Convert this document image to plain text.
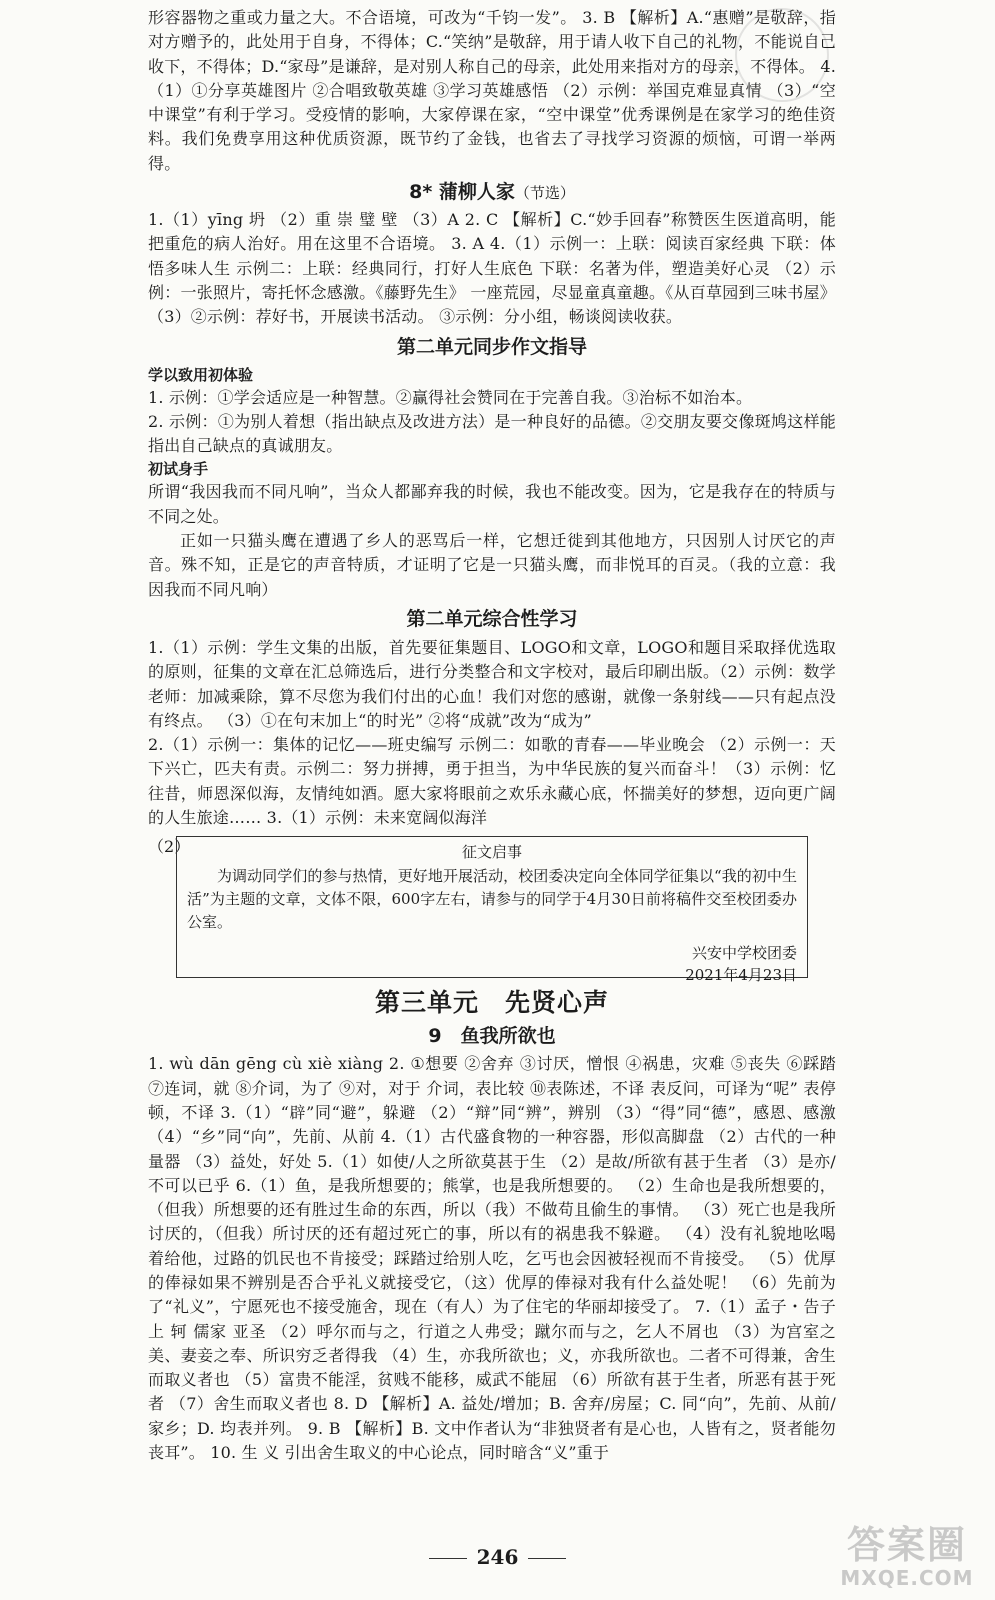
形容器物之重或力量之大。不合语境，可改为“千钧一发”。 3. B 【解析】A.“惠赠”是敬辞，指对方赠予的，此处用于自身，不得体；C.“笑纳”是敬辞，用于请人收下自己的礼物，不能说自己收下，不得体；D.“家母”是谦辞，是对别人称自己的母亲，此处用来指对方的母亲，不得体。 4.（1）①分享英雄图片 ②合唱致敬英雄 ③学习英雄感悟 （2）示例：举国克难显真情 （3）“空中课堂”有利于学习。受疫情的影响，大家停课在家，“空中课堂”优秀课例是在家学习的绝佳资料。我们免费享用这种优质资源，既节约了金钱，也省去了寻找学习资源的烦恼，可谓一举两得。

8* 蒲柳人家（节选）

1.（1）yīng 坍 （2）重 崇 璧 壁 （3）A 2. C 【解析】C.“妙手回春”称赞医生医道高明，能把重危的病人治好。用在这里不合语境。 3. A 4.（1）示例一：上联：阅读百家经典 下联：体悟多味人生 示例二：上联：经典同行，打好人生底色 下联：名著为伴，塑造美好心灵 （2）示例：一张照片，寄托怀念感激。《藤野先生》 一座荒园，尽显童真童趣。《从百草园到三味书屋》 （3）②示例：荐好书，开展读书活动。 ③示例：分小组，畅谈阅读收获。

第二单元同步作文指导

学以致用初体验

1. 示例：①学会适应是一种智慧。②赢得社会赞同在于完善自我。③治标不如治本。

2. 示例：①为别人着想（指出缺点及改进方法）是一种良好的品德。②交朋友要交像斑鸠这样能指出自己缺点的真诚朋友。

初试身手

所谓“我因我而不同凡响”，当众人都鄙弃我的时候，我也不能改变。因为，它是我存在的特质与不同之处。

正如一只猫头鹰在遭遇了乡人的恶骂后一样，它想迁徙到其他地方，只因别人讨厌它的声音。殊不知，正是它的声音特质，才证明了它是一只猫头鹰，而非悦耳的百灵。（我的立意：我因我而不同凡响）

第二单元综合性学习

1.（1）示例：学生文集的出版，首先要征集题目、LOGO和文章，LOGO和题目采取择优选取的原则，征集的文章在汇总筛选后，进行分类整合和文字校对，最后印刷出版。（2）示例：数学老师：加减乘除，算不尽您为我们付出的心血！我们对您的感谢，就像一条射线——只有起点没有终点。 （3）①在句末加上“的时光” ②将“成就”改为“成为”

2.（1）示例一：集体的记忆——班史编写 示例二：如歌的青春——毕业晚会 （2）示例一：天下兴亡，匹夫有责。示例二：努力拼搏，勇于担当，为中华民族的复兴而奋斗！（3）示例：忆往昔，师恩深似海，友情纯如酒。愿大家将眼前之欢乐永藏心底，怀揣美好的梦想，迈向更广阔的人生旅途…… 3.（1）示例：未来宽阔似海洋

（2）	征文启事
为调动同学们的参与热情，更好地开展活动，校团委决定向全体同学征集以“我的初中生活”为主题的文章，文体不限，600字左右，请参与的同学于4月30日前将稿件交至校团委办公室。
兴安中学校团委
2021年4月23日
第三单元　先贤心声
9　鱼我所欲也

1. wù dān gēng cù xiè xiàng 2. ①想要 ②舍弃 ③讨厌，憎恨 ④祸患，灾难 ⑤丧失 ⑥踩踏 ⑦连词，就 ⑧介词，为了 ⑨对，对于 介词，表比较 ⑩表陈述，不译 表反问，可译为“呢” 表停顿，不译 3.（1）“辟”同“避”，躲避 （2）“辩”同“辨”，辨别 （3）“得”同“德”，感恩、感激 （4）“乡”同“向”，先前、从前 4.（1）古代盛食物的一种容器，形似高脚盘 （2）古代的一种量器 （3）益处，好处 5.（1）如使/人之所欲莫甚于生 （2）是故/所欲有甚于生者 （3）是亦/不可以已乎 6.（1）鱼，是我所想要的；熊掌，也是我所想要的。 （2）生命也是我所想要的，（但我）所想要的还有胜过生命的东西，所以（我）不做苟且偷生的事情。 （3）死亡也是我所讨厌的，（但我）所讨厌的还有超过死亡的事，所以有的祸患我不躲避。 （4）没有礼貌地吆喝着给他，过路的饥民也不肯接受；踩踏过给别人吃，乞丐也会因被轻视而不肯接受。 （5）优厚的俸禄如果不辨别是否合乎礼义就接受它，（这）优厚的俸禄对我有什么益处呢！ （6）先前为了“礼义”，宁愿死也不接受施舍，现在（有人）为了住宅的华丽却接受了。 7.（1）孟子・告子上 轲 儒家 亚圣 （2）呼尔而与之，行道之人弗受；蹴尔而与之，乞人不屑也 （3）为宫室之美、妻妾之奉、所识穷乏者得我 （4）生，亦我所欲也；义，亦我所欲也。二者不可得兼，舍生而取义者也 （5）富贵不能淫，贫贱不能移，威武不能屈 （6）所欲有甚于生者，所恶有甚于死者 （7）舍生而取义者也 8. D 【解析】A. 益处/增加；B. 舍弃/房屋；C. 同“向”，先前、从前/家乡；D. 均表并列。 9. B 【解析】B. 文中作者认为“非独贤者有是心也，人皆有之，贤者能勿丧耳”。 10. 生 义 引出舍生取义的中心论点，同时暗含“义”重于

246	答案圈
MXQE.COM
